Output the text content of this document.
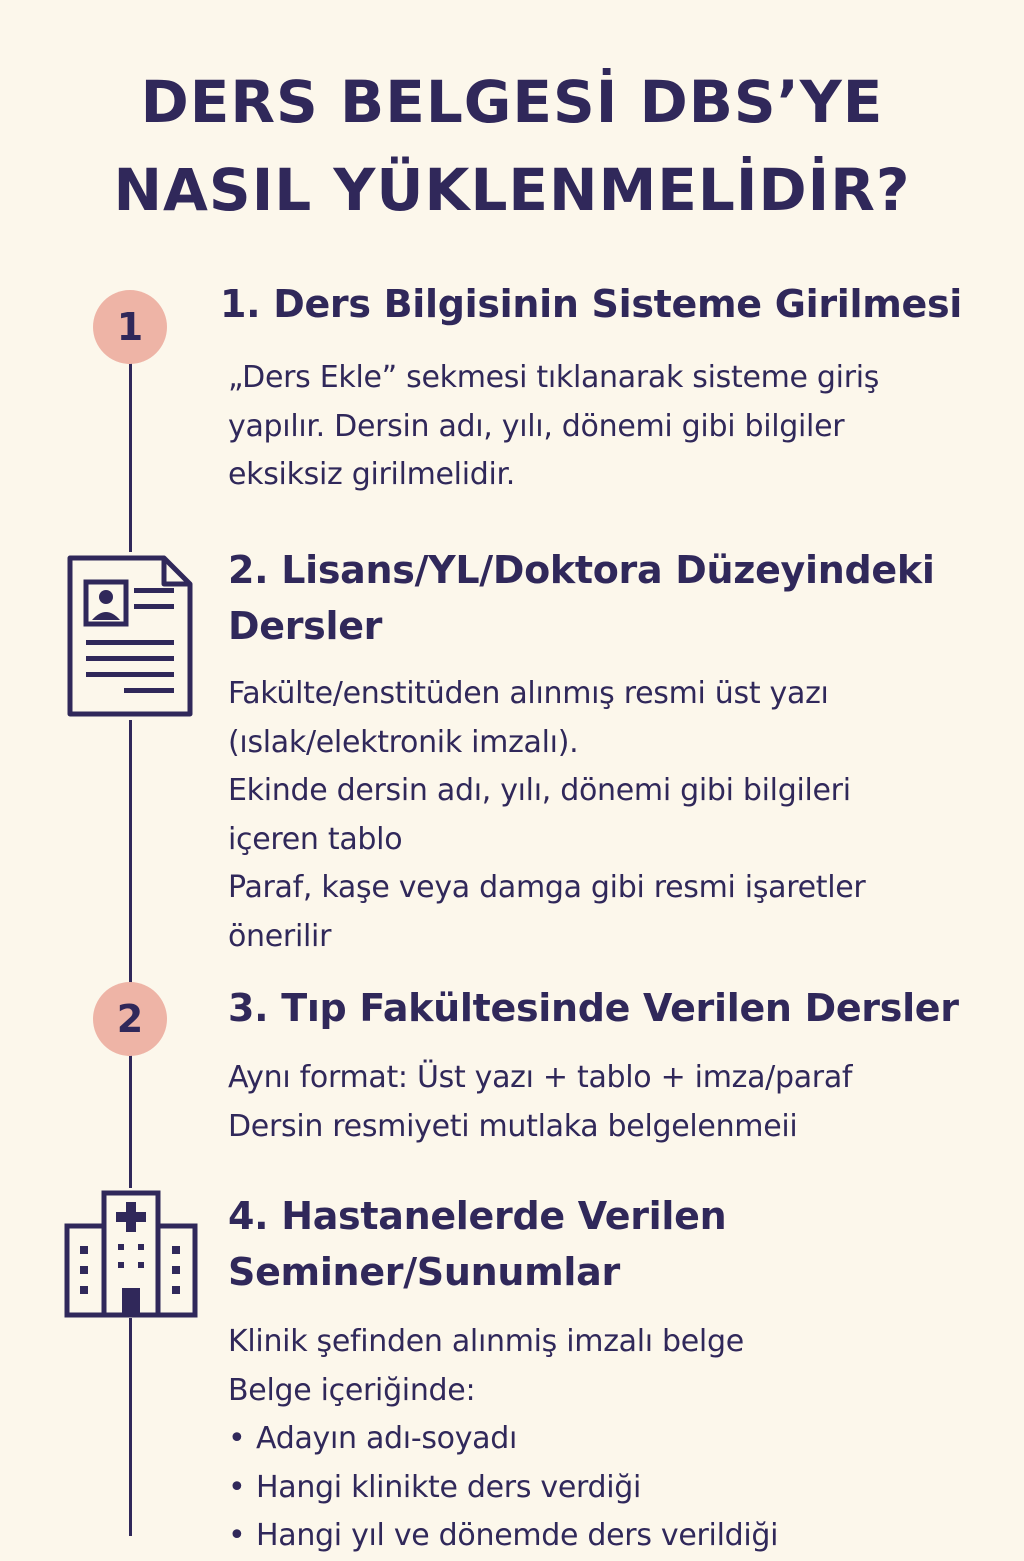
DERS BELGESİ DBS’YE
NASIL YÜKLENMELİDİR?
1
2
1. Ders Bilgisinin Sisteme Girilmesi
„Ders Ekle” sekmesi tıklanarak sisteme giriş
yapılır. Dersin adı, yılı, dönemi gibi bilgiler
eksiksiz girilmelidir.
2. Lisans/YL/Doktora Düzeyindeki
Dersler
Fakülte/enstitüden alınmış resmi üst yazı
(ıslak/elektronik imzalı).
Ekinde dersin adı, yılı, dönemi gibi bilgileri
içeren tablo
Paraf, kaşe veya damga gibi resmi işaretler
önerilir
3. Tıp Fakültesinde Verilen Dersler
Aynı format: Üst yazı + tablo + imza/paraf
Dersin resmiyeti mutlaka belgelenmeii
4. Hastanelerde Verilen
Seminer/Sunumlar
Klinik şefinden alınmiş imzalı belge
Belge içeriğinde:
• Adayın adı-soyadı
• Hangi klinikte ders verdiği
• Hangi yıl ve dönemde ders verildiği
